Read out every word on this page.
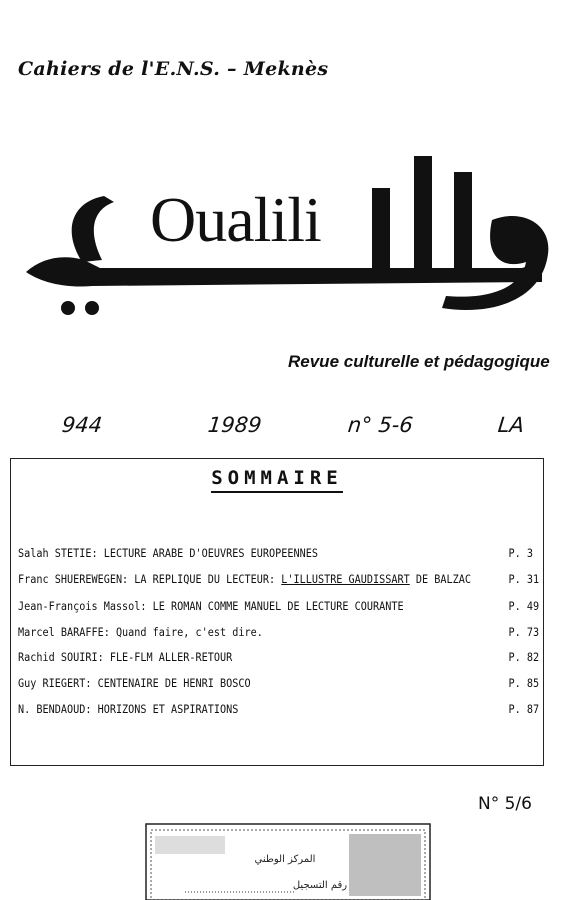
Cahiers de l'E.N.S. – Meknès
Oualili
Revue culturelle et pédagogique
944	1989	n° 5-6	LA
SOMMAIRE
Salah STETIE: LECTURE ARABE D'OEUVRES EUROPEENNES	P. 3
Franc SHUEREWEGEN: LA REPLIQUE DU LECTEUR: L'ILLUSTRE GAUDISSART DE BALZAC	P. 31
Jean-François Massol: LE ROMAN COMME MANUEL DE LECTURE COURANTE	P. 49
Marcel BARAFFE: Quand faire, c'est dire.	P. 73
Rachid SOUIRI: FLE-FLM ALLER-RETOUR	P. 82
Guy RIEGERT: CENTENAIRE DE HENRI BOSCO	P. 85
N. BENDAOUD: HORIZONS ET ASPIRATIONS	P. 87
N° 5/6
المركز الوطني
رقم التسجيل
